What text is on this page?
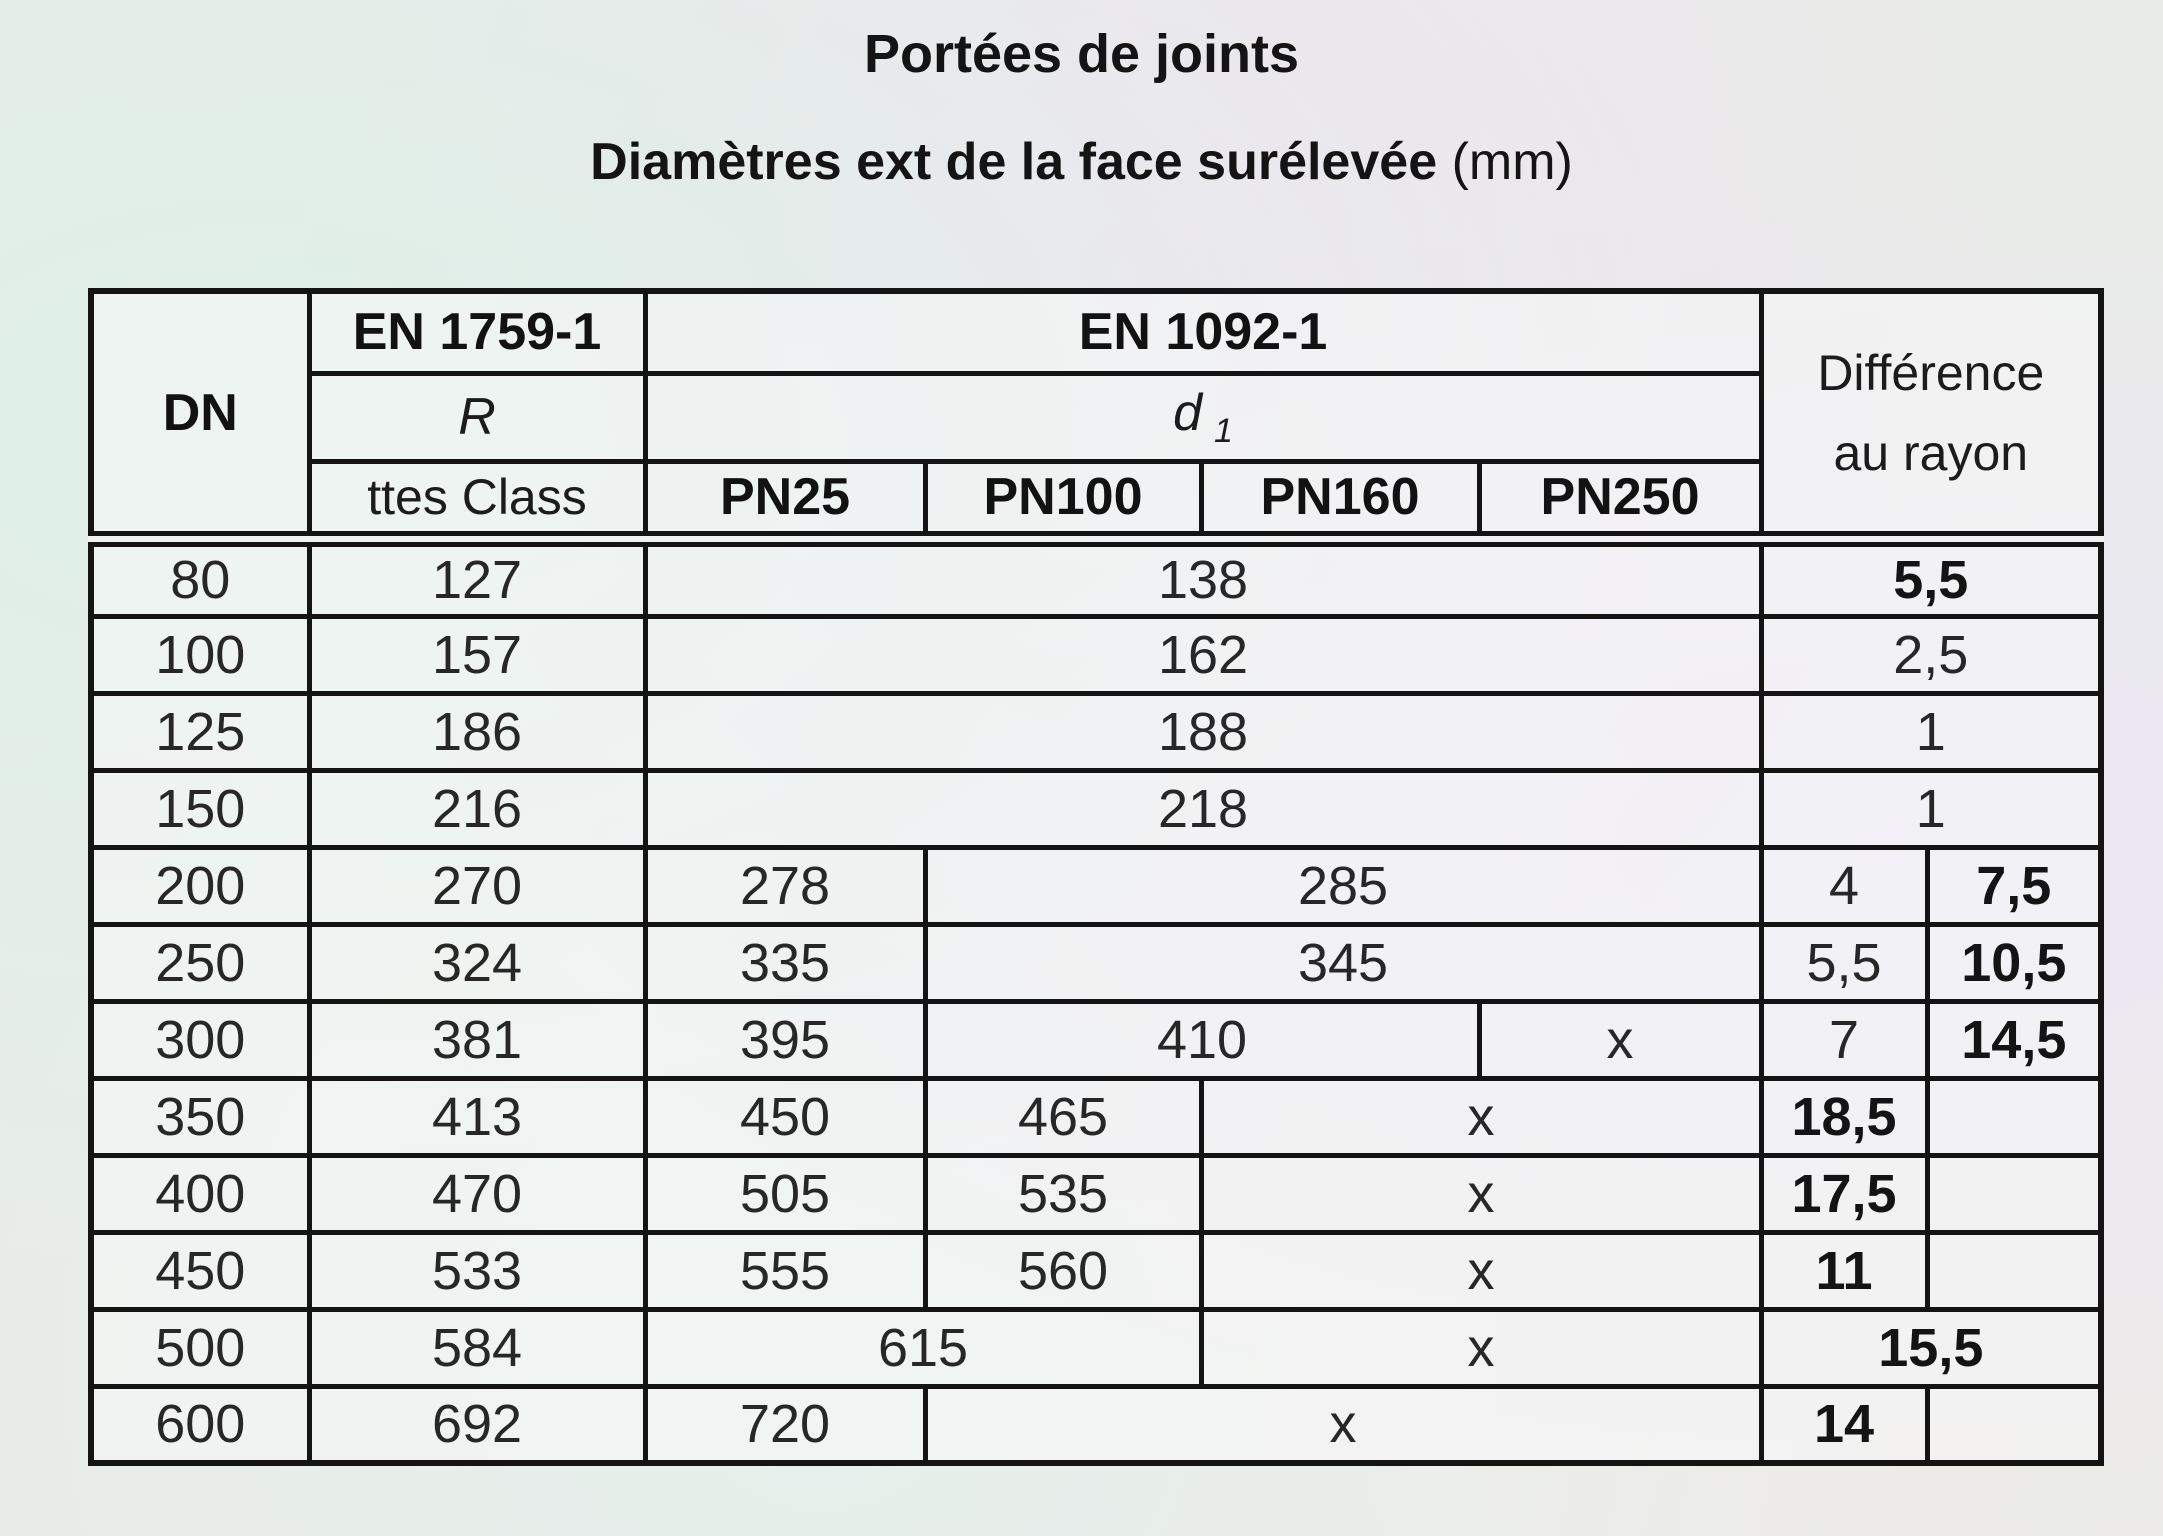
Portées de joints
Diamètres ext de la face surélevée (mm)
DN	EN 1759-1	EN 1092-1				Différence
au rayon	

	R	d $_1$
	ttes Class	PN25	PN100	PN160	PN250		
80	127	138				5,5	
100	157	162				2,5	
125	186	188				1	
150	216	218				1	
200	270	278	285			4	7,5
250	324	335	345			5,5	10,5
300	381	395	410		x	7	14,5
350	413	450	465	x		18,5	
400	470	505	535	x		17,5	
450	533	555	560	x		11	
500	584	615		x		15,5	
600	692	720	x			14	
